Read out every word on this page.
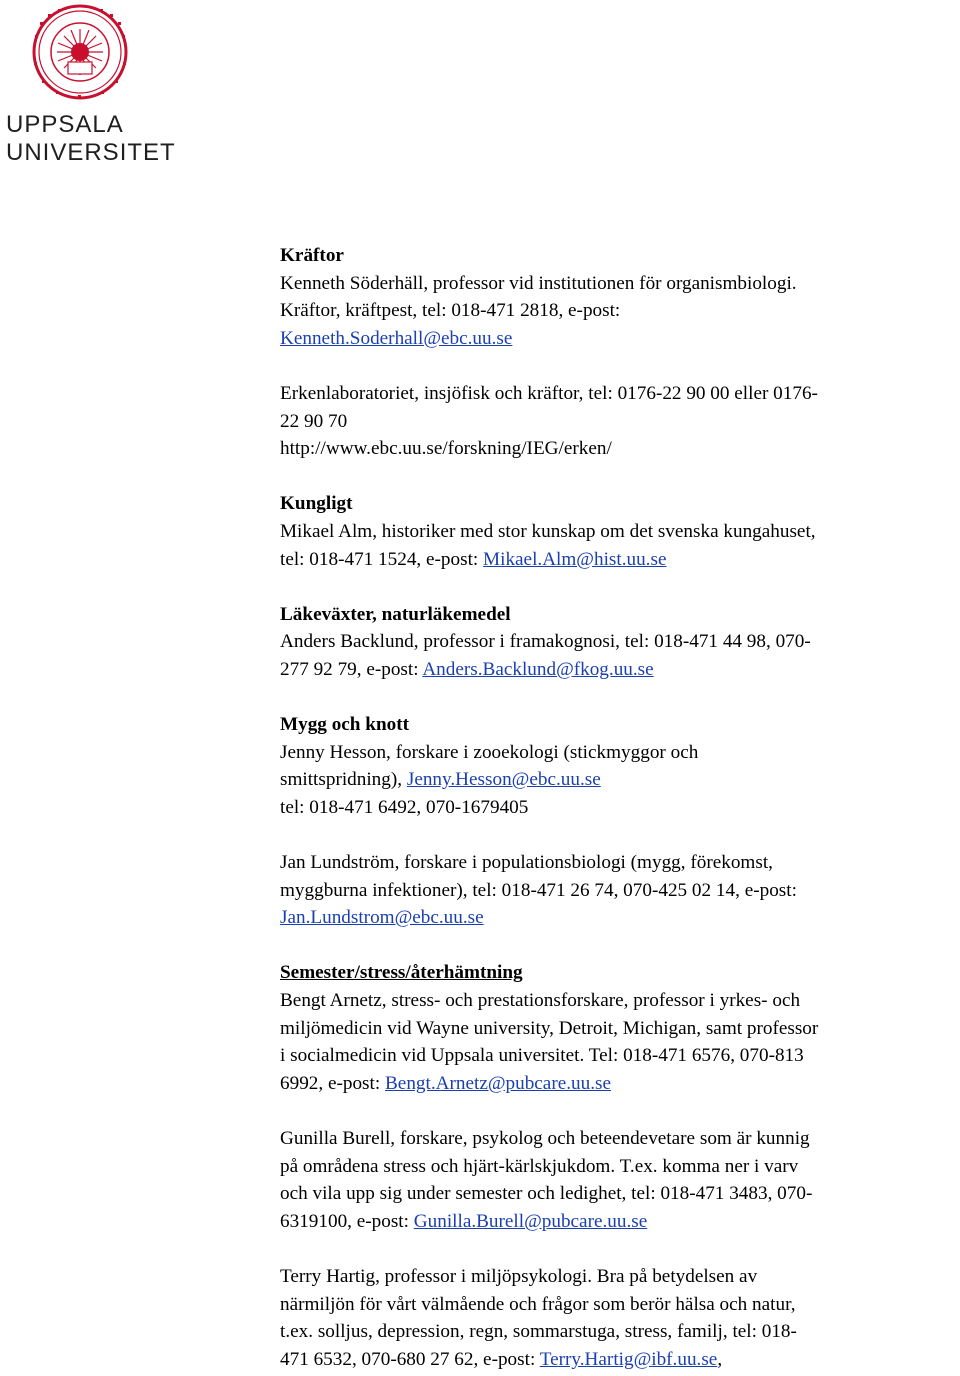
UPPSALA
UNIVERSITET
Kräftor
Kenneth Söderhäll, professor vid institutionen för organismbiologi.
Kräftor, kräftpest, tel: 018-471 2818, e-post:
Kenneth.Soderhall@ebc.uu.se
Erkenlaboratoriet, insjöfisk och kräftor, tel: 0176-22 90 00 eller 0176-
22 90 70
http://www.ebc.uu.se/forskning/IEG/erken/
Kungligt
Mikael Alm, historiker med stor kunskap om det svenska kungahuset,
tel: 018-471 1524, e-post: Mikael.Alm@hist.uu.se
Läkeväxter, naturläkemedel
Anders Backlund, professor i framakognosi, tel: 018-471 44 98, 070-
277 92 79, e-post: Anders.Backlund@fkog.uu.se
Mygg och knott
Jenny Hesson, forskare i zooekologi (stickmyggor och
smittspridning), Jenny.Hesson@ebc.uu.se
tel: 018-471 6492, 070-1679405
Jan Lundström, forskare i populationsbiologi (mygg, förekomst,
myggburna infektioner), tel: 018-471 26 74, 070-425 02 14, e-post:
Jan.Lundstrom@ebc.uu.se
Semester/stress/återhämtning
Bengt Arnetz, stress- och prestationsforskare, professor i yrkes- och
miljömedicin vid Wayne university, Detroit, Michigan, samt professor
i socialmedicin vid Uppsala universitet. Tel: 018-471 6576, 070-813
6992, e-post: Bengt.Arnetz@pubcare.uu.se
Gunilla Burell, forskare, psykolog och beteendevetare som är kunnig
på områdena stress och hjärt-kärlskjukdom. T.ex. komma ner i varv
och vila upp sig under semester och ledighet, tel: 018-471 3483, 070-
6319100, e-post: Gunilla.Burell@pubcare.uu.se
Terry Hartig, professor i miljöpsykologi. Bra på betydelsen av
närmiljön för vårt välmående och frågor som berör hälsa och natur,
t.ex. solljus, depression, regn, sommarstuga, stress, familj, tel: 018-
471 6532, 070-680 27 62, e-post: Terry.Hartig@ibf.uu.se,
